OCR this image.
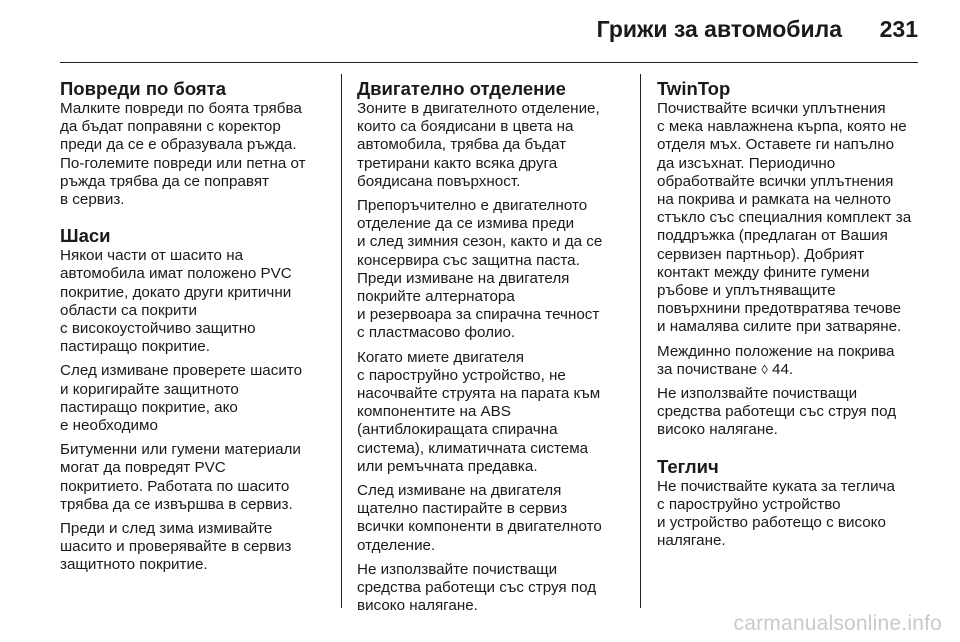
Грижи за автомобила 231
Повреди по боята

Малките повреди по боята трябва
да бъдат поправяни с коректор
преди да се е образувала ръжда.
По-големите повреди или петна от
ръжда трябва да се поправят
в сервиз.

Шаси

Някои части от шасито на
автомобила имат положено PVC
покритие, докато други критични
области са покрити
с високоустойчиво защитно
пастиращо покритие.

След измиване проверете шасито
и коригирайте защитното
пастиращо покритие, ако
е необходимо

Битуменни или гумени материали
могат да повредят PVC
покритието. Работата по шасито
трябва да се извършва в сервиз.

Преди и след зима измивайте
шасито и проверявайте в сервиз
защитното покритие.

Двигателно отделение

Зоните в двигателното отделение,
които са боядисани в цвета на
автомобила, трябва да бъдат
третирани както всяка друга
боядисана повърхност.

Препоръчително е двигателното
отделение да се измива преди
и след зимния сезон, както и да се
консервира със защитна паста.
Преди измиване на двигателя
покрийте алтернатора
и резервоара за спирачна течност
с пластмасово фолио.

Когато миете двигателя
с пароструйно устройство, не
насочвайте струята на парата към
компонентите на ABS
(антиблокиращата спирачна
система), климатичната система
или ремъчната предавка.

След измиване на двигателя
щателно пастирайте в сервиз
всички компоненти в двигателното
отделение.

Не използвайте почистващи
средства работещи със струя под
високо налягане.

TwinTop

Почиствайте всички уплътнения
с мека навлажнена кърпа, която не
отделя мъх. Оставете ги напълно
да изсъхнат. Периодично
обработвайте всички уплътнения
на покрива и рамката на челното
стъкло със специалния комплект за
поддръжка (предлаган от Вашия
сервизен партньор). Добрият
контакт между фините гумени
ръбове и уплътняващите
повърхнини предотвратява течове
и намалява силите при затваряне.

Междинно положение на покрива
за почистване ◊ 44.

Не използвайте почистващи
средства работещи със струя под
високо налягане.

Теглич

Не почиствайте куката за теглича
с пароструйно устройство
и устройство работещо с високо
налягане.

carmanualsonline.info
